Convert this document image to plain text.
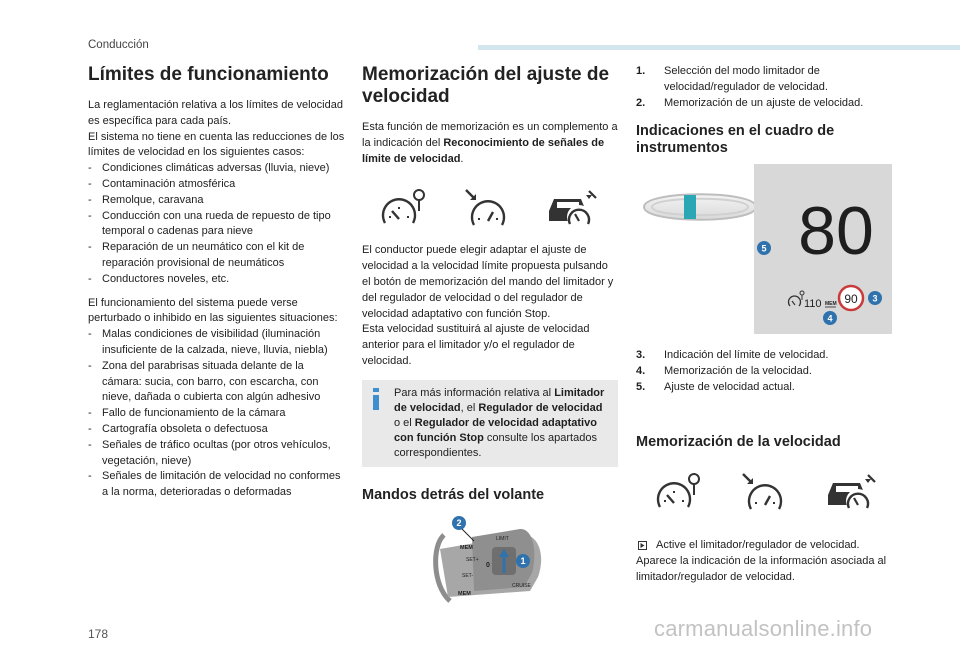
Conducción
Límites de funcionamiento

La reglamentación relativa a los límites de velocidad es específica para cada país.

El sistema no tiene en cuenta las reducciones de los límites de velocidad en los siguientes casos:

- Condiciones climáticas adversas (lluvia, nieve)
- Contaminación atmosférica
- Remolque, caravana
- Conducción con una rueda de repuesto de tipo temporal o cadenas para nieve
- Reparación de un neumático con el kit de reparación provisional de neumáticos
- Conductores noveles, etc.

El funcionamiento del sistema puede verse perturbado o inhibido en las siguientes situaciones:

- Malas condiciones de visibilidad (iluminación insuficiente de la calzada, nieve, lluvia, niebla)
- Zona del parabrisas situada delante de la cámara: sucia, con barro, con escarcha, con nieve, dañada o cubierta con algún adhesivo
- Fallo de funcionamiento de la cámara
- Cartografía obsoleta o defectuosa
- Señales de tráfico ocultas (por otros vehículos, vegetación, nieve)
- Señales de limitación de velocidad no conformes a la norma, deterioradas o deformadas
Memorización del ajuste de velocidad

Esta función de memorización es un complemento a la indicación del Reconocimiento de señales de límite de velocidad.

El conductor puede elegir adaptar el ajuste de velocidad a la velocidad límite propuesta pulsando el botón de memorización del mando del limitador y del regulador de velocidad o del regulador de velocidad adaptativo con función Stop.

Esta velocidad sustituirá al ajuste de velocidad anterior para el limitador y/o el regulador de velocidad.

Para más información relativa al Limitador de velocidad, el Regulador de velocidad o el Regulador de velocidad adaptativo con función Stop consulte los apartados correspondientes.

Mandos detrás del volante
MEM
SET-
SET+
MEM
LIMIT
CRUISE
0
2
1
1. Selección del modo limitador de velocidad/regulador de velocidad.
2. Memorización de un ajuste de velocidad.
Indicaciones en el cuadro de instrumentos
80
110 MEM 90
5
3
4
3. Indicación del límite de velocidad.
4. Memorización de la velocidad.
5. Ajuste de velocidad actual.
Memorización de la velocidad

Active el limitador/regulador de velocidad.

Aparece la indicación de la información asociada al limitador/regulador de velocidad.

178	carmanualsonline.info
